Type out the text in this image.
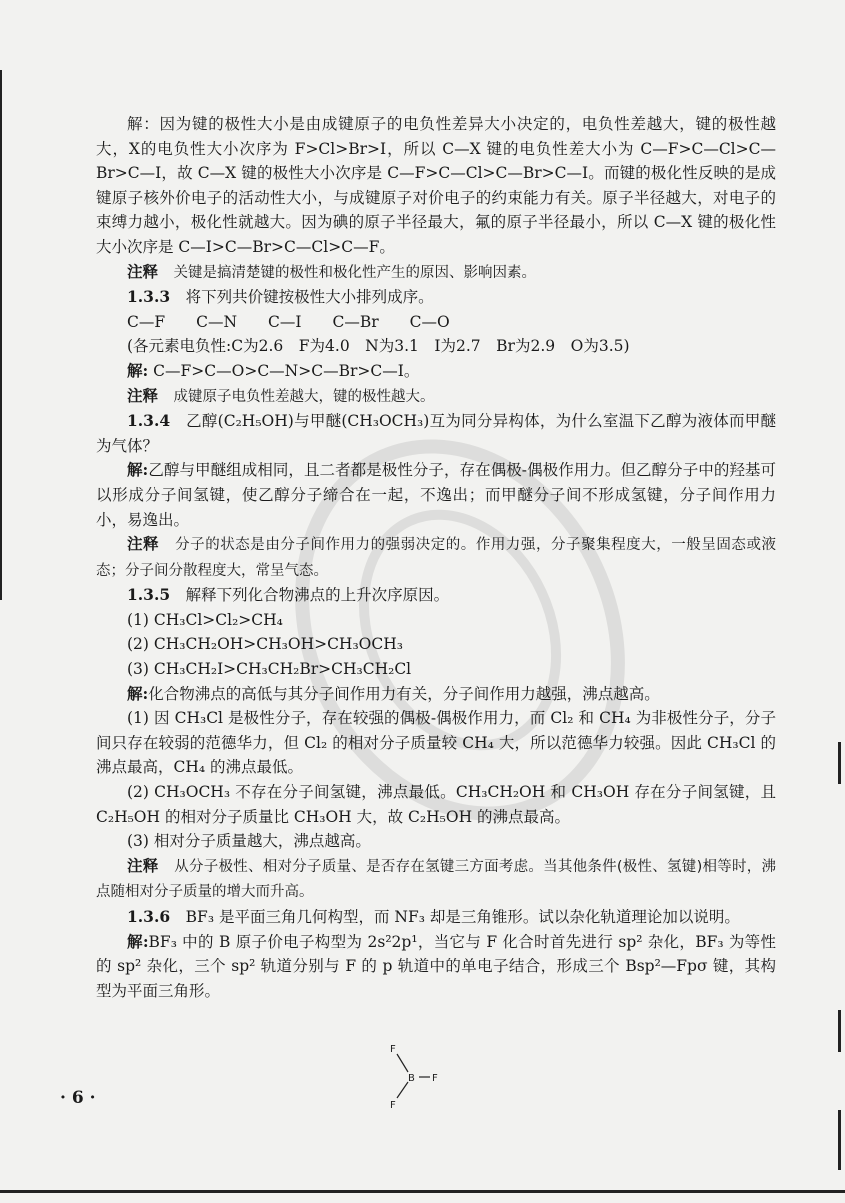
解：因为键的极性大小是由成键原子的电负性差异大小决定的，电负性差越大，键的极性越大，X的电负性大小次序为 F>Cl>Br>I，所以 C—X 键的电负性差大小为 C—F>C—Cl>C—Br>C—I，故 C—X 键的极性大小次序是 C—F>C—Cl>C—Br>C—I。而键的极化性反映的是成键原子核外价电子的活动性大小，与成键原子对价电子的约束能力有关。原子半径越大，对电子的束缚力越小，极化性就越大。因为碘的原子半径最大，氟的原子半径最小，所以 C—X 键的极化性大小次序是 C—I>C—Br>C—Cl>C—F。

注释　 关键是搞清楚键的极性和极化性产生的原因、影响因素。

1.3.3　 将下列共价键按极性大小排列成序。

C—F　　C—N　　C—I　　C—Br　　C—O

(各元素电负性:C为2.6　F为4.0　N为3.1　I为2.7　Br为2.9　O为3.5)

解: C—F>C—O>C—N>C—Br>C—I。

注释　 成键原子电负性差越大，键的极性越大。

1.3.4　 乙醇(C₂H₅OH)与甲醚(CH₃OCH₃)互为同分异构体，为什么室温下乙醇为液体而甲醚为气体？

解:乙醇与甲醚组成相同，且二者都是极性分子，存在偶极-偶极作用力。但乙醇分子中的羟基可以形成分子间氢键，使乙醇分子缔合在一起，不逸出；而甲醚分子间不形成氢键，分子间作用力小，易逸出。

注释　 分子的状态是由分子间作用力的强弱决定的。作用力强，分子聚集程度大，一般呈固态或液态；分子间分散程度大，常呈气态。

1.3.5　 解释下列化合物沸点的上升次序原因。

(1) CH₃Cl>Cl₂>CH₄

(2) CH₃CH₂OH>CH₃OH>CH₃OCH₃

(3) CH₃CH₂I>CH₃CH₂Br>CH₃CH₂Cl

解:化合物沸点的高低与其分子间作用力有关，分子间作用力越强，沸点越高。

(1) 因 CH₃Cl 是极性分子，存在较强的偶极-偶极作用力，而 Cl₂ 和 CH₄ 为非极性分子，分子间只存在较弱的范德华力，但 Cl₂ 的相对分子质量较 CH₄ 大，所以范德华力较强。因此 CH₃Cl 的沸点最高，CH₄ 的沸点最低。

(2) CH₃OCH₃ 不存在分子间氢键，沸点最低。CH₃CH₂OH 和 CH₃OH 存在分子间氢键，且 C₂H₅OH 的相对分子质量比 CH₃OH 大，故 C₂H₅OH 的沸点最高。

(3) 相对分子质量越大，沸点越高。

注释　 从分子极性、相对分子质量、是否存在氢键三方面考虑。当其他条件(极性、氢键)相等时，沸点随相对分子质量的增大而升高。

1.3.6　 BF₃ 是平面三角几何构型，而 NF₃ 却是三角锥形。试以杂化轨道理论加以说明。

解:BF₃ 中的 B 原子价电子构型为 2s²2p¹，当它与 F 化合时首先进行 sp² 杂化，BF₃ 为等性的 sp² 杂化，三个 sp² 轨道分别与 F 的 p 轨道中的单电子结合，形成三个 Bsp²—Fpσ 键，其构型为平面三角形。

F
B F
F
· 6 ·
